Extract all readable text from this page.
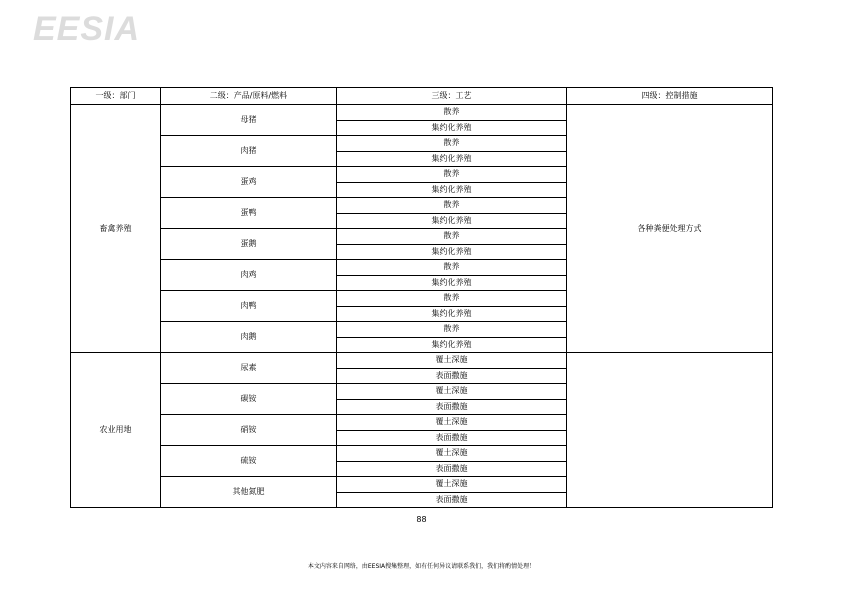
EESIA
一级：部门	二级：产品/原料/燃料	三级：工艺	四级：控制措施
畜禽养殖	母猪	散养	各种粪便处理方式
		集约化养殖	
	肉猪	散养	
		集约化养殖	
	蛋鸡	散养	
		集约化养殖	
	蛋鸭	散养	
		集约化养殖	
	蛋鹅	散养	
		集约化养殖	
	肉鸡	散养	
		集约化养殖	
	肉鸭	散养	
		集约化养殖	
	肉鹅	散养	
		集约化养殖	
农业用地	尿素	覆土深施	
		表面撒施	
	碳铵	覆土深施	
		表面撒施	
	硝铵	覆土深施	
		表面撒施	
	硫铵	覆土深施	
		表面撒施	
	其他氮肥	覆土深施	
		表面撒施	
88
本文内容来自网络，由EESIA搜集整理，如有任何异议请联系我们，我们将酌情处理！
